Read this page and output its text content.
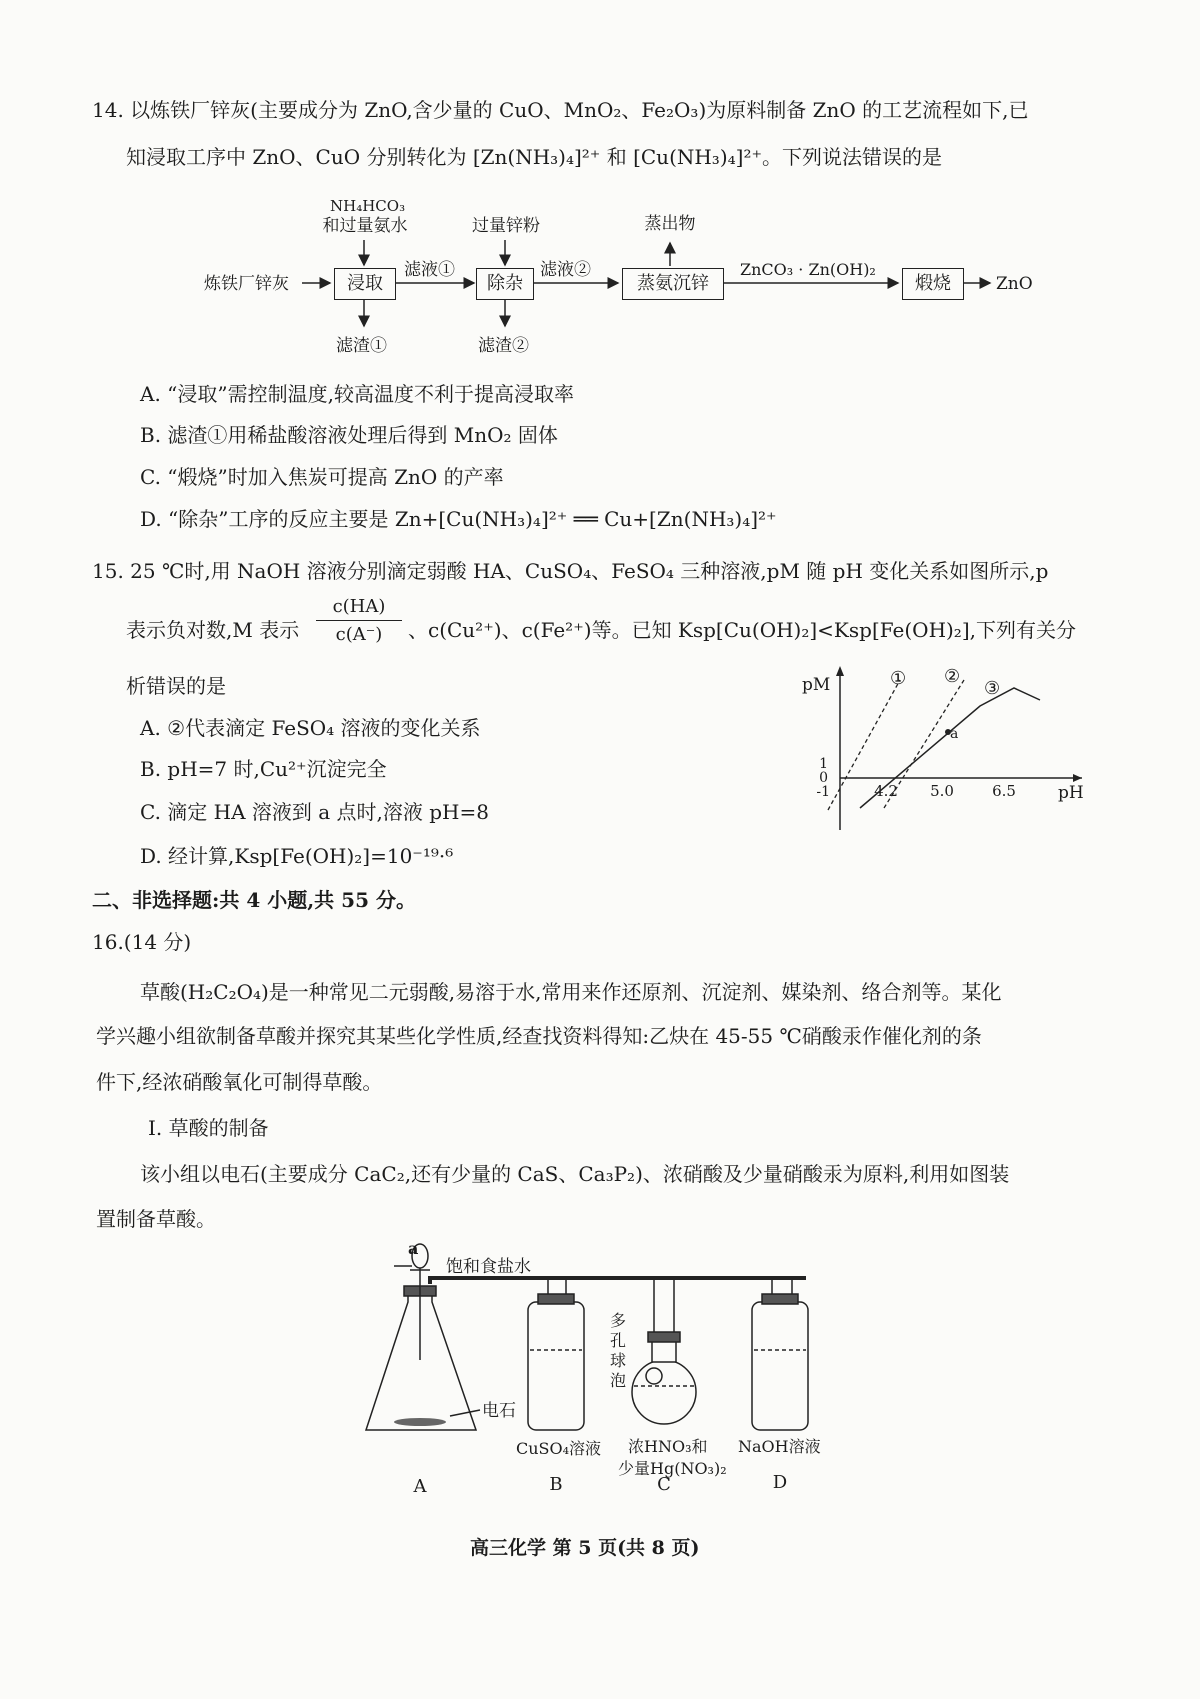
14. 以炼铁厂锌灰(主要成分为 ZnO,含少量的 CuO、MnO₂、Fe₂O₃)为原料制备 ZnO 的工艺流程如下,已
知浸取工序中 ZnO、CuO 分别转化为 [Zn(NH₃)₄]²⁺ 和 [Cu(NH₃)₄]²⁺。下列说法错误的是
炼铁厂锌灰
NH₄HCO₃
和过量氨水	过量锌粉	蒸出物
浸取	除杂	蒸氨沉锌	煅烧
滤液①	滤液②	ZnCO₃ · Zn(OH)₂
ZnO
滤渣①	滤渣②
A. “浸取”需控制温度,较高温度不利于提高浸取率
B. 滤渣①用稀盐酸溶液处理后得到 MnO₂ 固体
C. “煅烧”时加入焦炭可提高 ZnO 的产率
D. “除杂”工序的反应主要是 Zn+[Cu(NH₃)₄]²⁺ ══ Cu+[Zn(NH₃)₄]²⁺
15. 25 ℃时,用 NaOH 溶液分别滴定弱酸 HA、CuSO₄、FeSO₄ 三种溶液,pM 随 pH 变化关系如图所示,p
表示负对数,M 表示 $\frac{c(HA)}{c(A^-)}$ 、c(Cu²⁺)、c(Fe²⁺)等。已知 Ksp[Cu(OH)₂]<Ksp[Fe(OH)₂],下列有关分
析错误的是
A. ②代表滴定 FeSO₄ 溶液的变化关系
B. pH=7 时,Cu²⁺沉淀完全
C. 滴定 HA 溶液到 a 点时,溶液 pH=8
D. 经计算,Ksp[Fe(OH)₂]=10⁻¹⁹·⁶
pM
pH
1
0
-1	4.2 5.0	6.5
a
① ②
③
二、非选择题:共 4 小题,共 55 分。
16.(14 分)
草酸(H₂C₂O₄)是一种常见二元弱酸,易溶于水,常用来作还原剂、沉淀剂、媒染剂、络合剂等。某化
学兴趣小组欲制备草酸并探究其某些化学性质,经查找资料得知:乙炔在 45-55 ℃硝酸汞作催化剂的条
件下,经浓硝酸氧化可制得草酸。
Ⅰ. 草酸的制备
该小组以电石(主要成分 CaC₂,还有少量的 CaS、Ca₃P₂)、浓硝酸及少量硝酸汞为原料,利用如图装
置制备草酸。
a
饱和食盐水
电石
CuSO₄溶液
多
孔
球
泡
浓HNO₃和
少量Hg(NO₃)₂
NaOH溶液
A	B	C	D
高三化学 第 5 页(共 8 页)
